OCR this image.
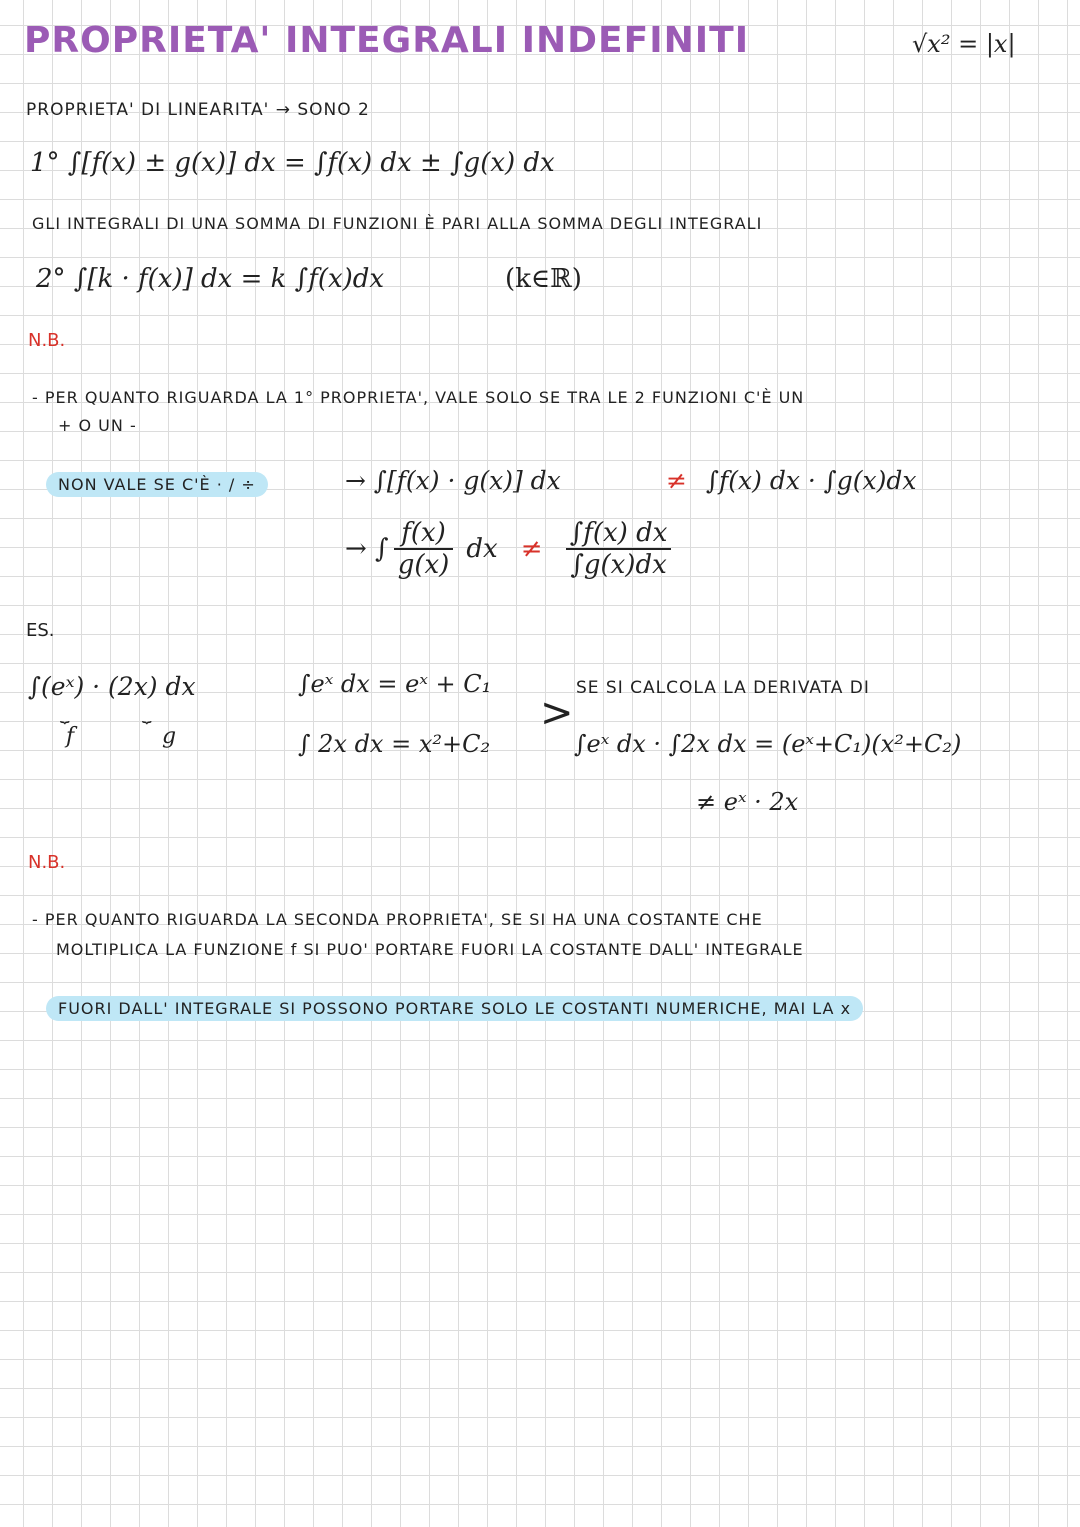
PROPRIETA' INTEGRALI INDEFINITI	√x² = |x|
PROPRIETA' DI LINEARITA' → SONO 2
1° ∫[f(x) ± g(x)] dx = ∫f(x) dx ± ∫g(x) dx
GLI INTEGRALI DI UNA SOMMA DI FUNZIONI È PARI ALLA SOMMA DEGLI INTEGRALI
2° ∫[k · f(x)] dx = k ∫f(x)dx	(k∈ℝ)
N.B.
- PER QUANTO RIGUARDA LA 1° PROPRIETA', VALE SOLO SE TRA LE 2 FUNZIONI C'È UN
+ O UN -
NON VALE SE C'È · / ÷	→ ∫[f(x) · g(x)] dx	≠ ∫f(x) dx · ∫g(x)dx
→ ∫ $\frac{f(x)}{g(x)}$ dx ≠ $\frac{\int f(x) dx}{\int g(x)dx}$
ES.
∫(eˣ) · (2x) dx
⏟
f
⏟
g
∫eˣ dx = eˣ + C₁
∫ 2x dx = x²+C₂
>
SE SI CALCOLA LA DERIVATA DI
∫eˣ dx · ∫2x dx = (eˣ+C₁)(x²+C₂)
≠ eˣ · 2x
N.B.
- PER QUANTO RIGUARDA LA SECONDA PROPRIETA', SE SI HA UNA COSTANTE CHE
MOLTIPLICA LA FUNZIONE f SI PUO' PORTARE FUORI LA COSTANTE DALL' INTEGRALE
FUORI DALL' INTEGRALE SI POSSONO PORTARE SOLO LE COSTANTI NUMERICHE, MAI LA x
